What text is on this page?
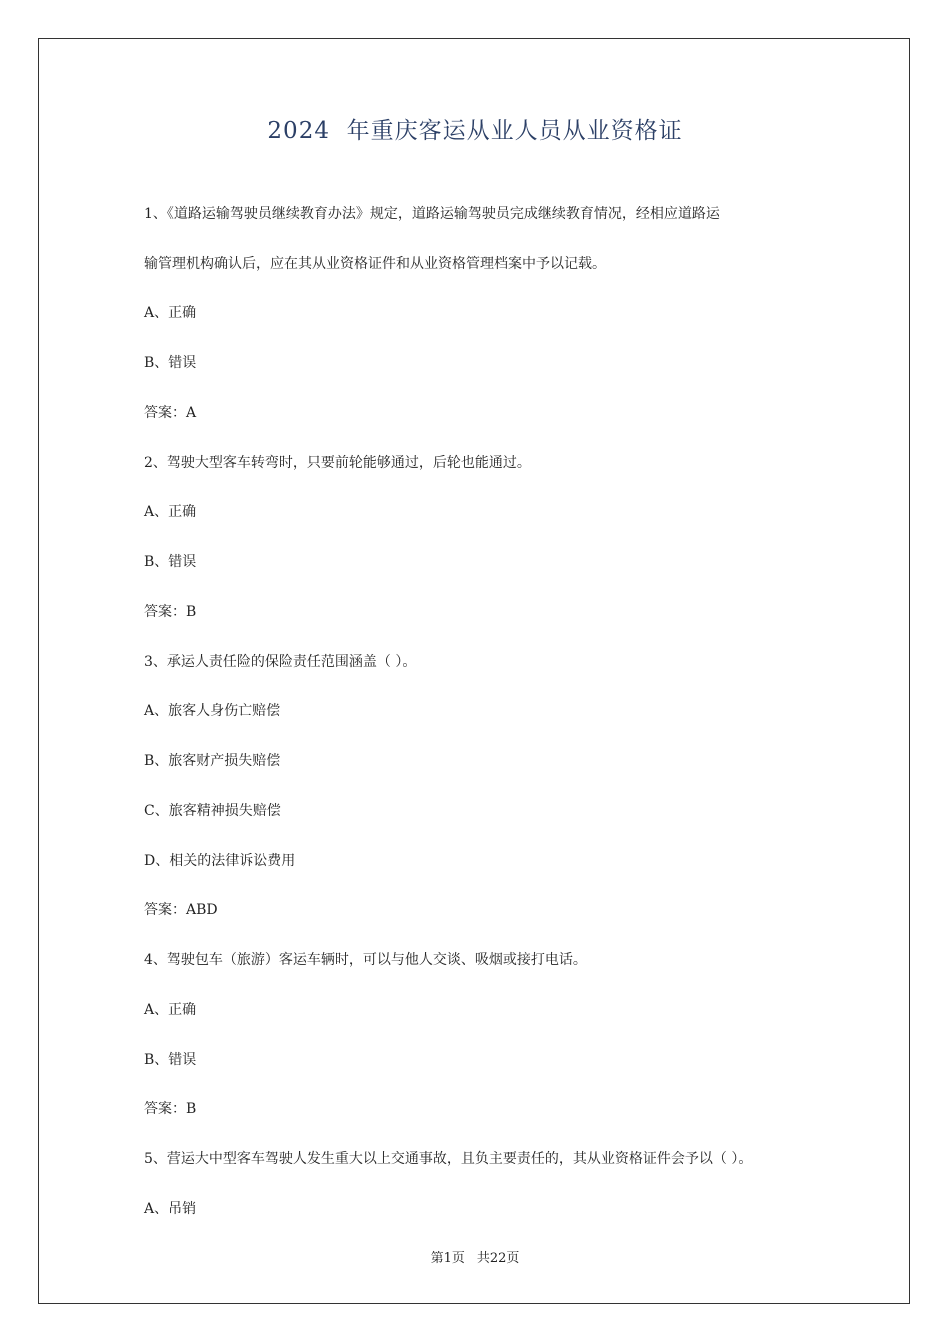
2024  年重庆客运从业人员从业资格证
1、《道路运输驾驶员继续教育办法》规定，道路运输驾驶员完成继续教育情况，经相应道路运
输管理机构确认后，应在其从业资格证件和从业资格管理档案中予以记载。
A、正确
B、错误
答案：A
2、驾驶大型客车转弯时，只要前轮能够通过，后轮也能通过。
A、正确
B、错误
答案：B
3、承运人责任险的保险责任范围涵盖（ ）。
A、旅客人身伤亡赔偿
B、旅客财产损失赔偿
C、旅客精神损失赔偿
D、相关的法律诉讼费用
答案：ABD
4、驾驶包车（旅游）客运车辆时，可以与他人交谈、吸烟或接打电话。
A、正确
B、错误
答案：B
5、营运大中型客车驾驶人发生重大以上交通事故，且负主要责任的，其从业资格证件会予以（ ）。
A、吊销
第1页 共22页
